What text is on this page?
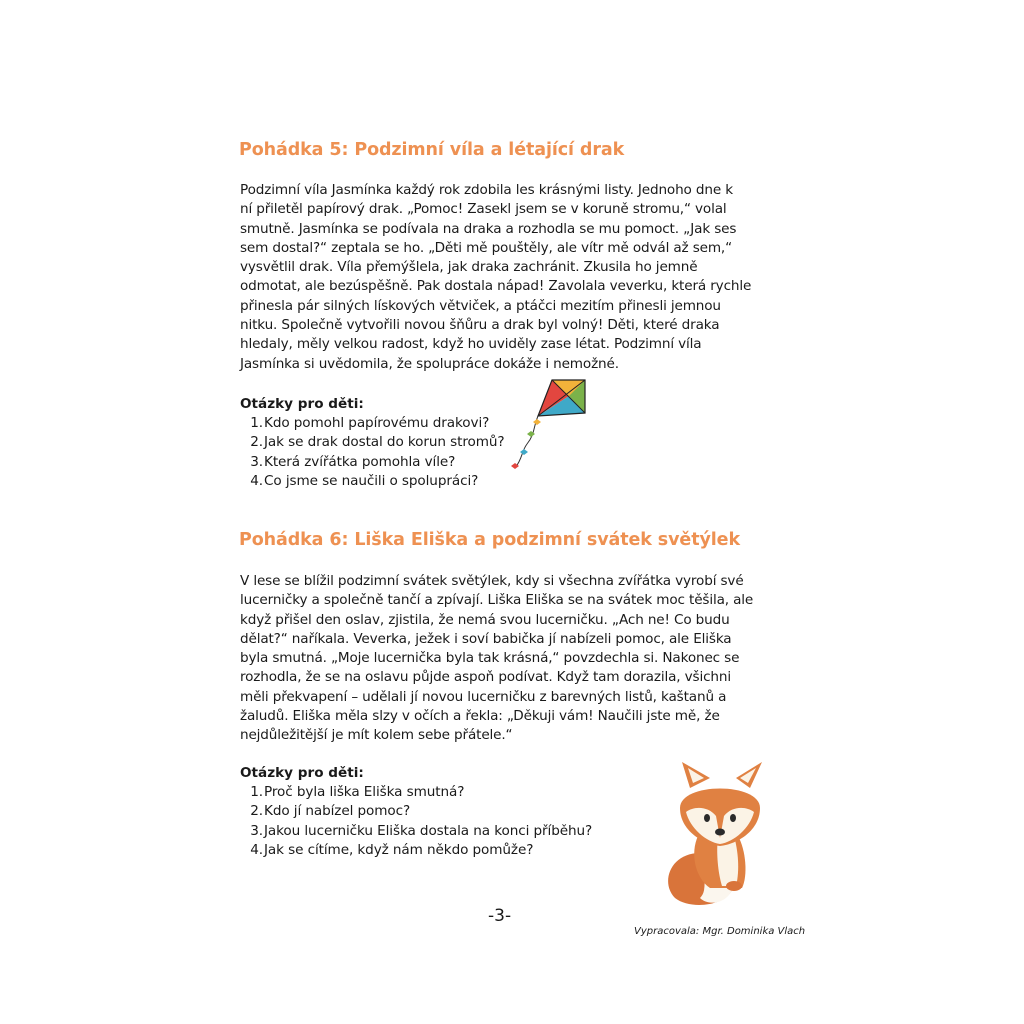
Pohádka 5: Podzimní víla a létající drak
Podzimní víla Jasmínka každý rok zdobila les krásnými listy. Jednoho dne k
ní přiletěl papírový drak. „Pomoc! Zasekl jsem se v koruně stromu,“ volal
smutně. Jasmínka se podívala na draka a rozhodla se mu pomoct. „Jak ses
sem dostal?“ zeptala se ho. „Děti mě pouštěly, ale vítr mě odvál až sem,“
vysvětlil drak. Víla přemýšlela, jak draka zachránit. Zkusila ho jemně
odmotat, ale bezúspěšně. Pak dostala nápad! Zavolala veverku, která rychle
přinesla pár silných lískových větviček, a ptáčci mezitím přinesli jemnou
nitku. Společně vytvořili novou šňůru a drak byl volný! Děti, které draka
hledaly, měly velkou radost, když ho uviděly zase létat. Podzimní víla
Jasmínka si uvědomila, že spolupráce dokáže i nemožné.
Otázky pro děti:
1. Kdo pomohl papírovému drakovi?
2. Jak se drak dostal do korun stromů?
3. Která zvířátka pomohla víle?
4. Co jsme se naučili o spolupráci?
Pohádka 6: Liška Eliška a podzimní svátek světýlek
V lese se blížil podzimní svátek světýlek, kdy si všechna zvířátka vyrobí své
lucerničky a společně tančí a zpívají. Liška Eliška se na svátek moc těšila, ale
když přišel den oslav, zjistila, že nemá svou lucerničku. „Ach ne! Co budu
dělat?“ naříkala. Veverka, ježek i soví babička jí nabízeli pomoc, ale Eliška
byla smutná. „Moje lucernička byla tak krásná,“ povzdechla si. Nakonec se
rozhodla, že se na oslavu půjde aspoň podívat. Když tam dorazila, všichni
měli překvapení – udělali jí novou lucerničku z barevných listů, kaštanů a
žaludů. Eliška měla slzy v očích a řekla: „Děkuji vám! Naučili jste mě, že
nejdůležitější je mít kolem sebe přátele.“
Otázky pro děti:
1. Proč byla liška Eliška smutná?
2. Kdo jí nabízel pomoc?
3. Jakou lucerničku Eliška dostala na konci příběhu?
4. Jak se cítíme, když nám někdo pomůže?
-3-
Vypracovala: Mgr. Dominika Vlach
